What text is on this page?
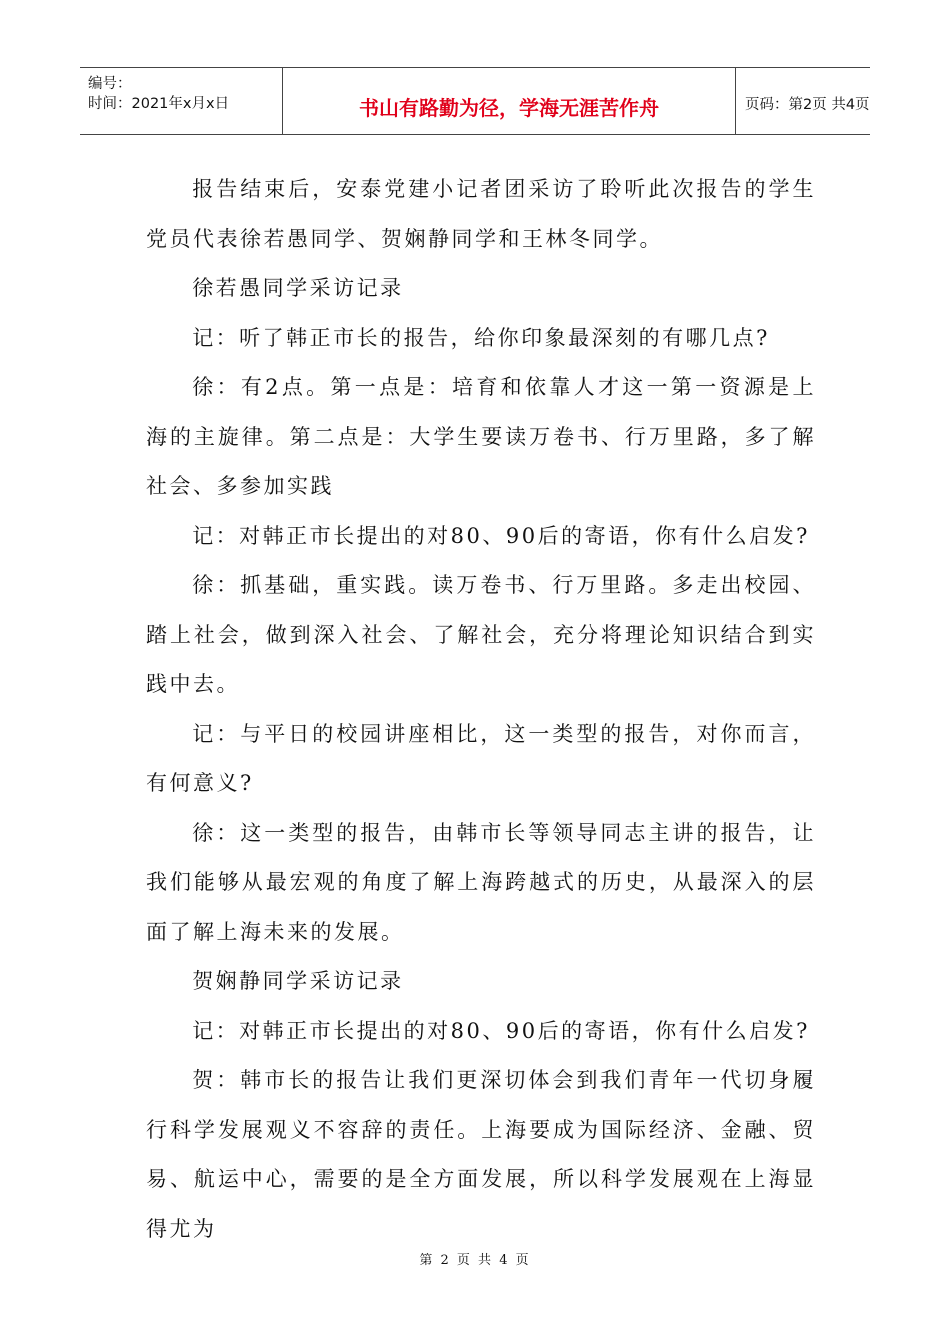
编号：
时间：2021年x月x日	书山有路勤为径，学海无涯苦作舟	页码：第2页 共4页

报告结束后，安泰党建小记者团采访了聆听此次报告的学生党员代表徐若愚同学、贺娴静同学和王林冬同学。

徐若愚同学采访记录

记：听了韩正市长的报告，给你印象最深刻的有哪几点?

徐：有2点。第一点是：培育和依靠人才这一第一资源是上海的主旋律。第二点是：大学生要读万卷书、行万里路，多了解社会、多参加实践

记：对韩正市长提出的对80、90后的寄语，你有什么启发?

徐：抓基础，重实践。读万卷书、行万里路。多走出校园、踏上社会，做到深入社会、了解社会，充分将理论知识结合到实践中去。

记：与平日的校园讲座相比，这一类型的报告，对你而言，有何意义?

徐：这一类型的报告，由韩市长等领导同志主讲的报告，让我们能够从最宏观的角度了解上海跨越式的历史，从最深入的层面了解上海未来的发展。

贺娴静同学采访记录

记：对韩正市长提出的对80、90后的寄语，你有什么启发?

贺：韩市长的报告让我们更深切体会到我们青年一代切身履行科学发展观义不容辞的责任。上海要成为国际经济、金融、贸易、航运中心，需要的是全方面发展，所以科学发展观在上海显得尤为

第 2 页 共 4 页
